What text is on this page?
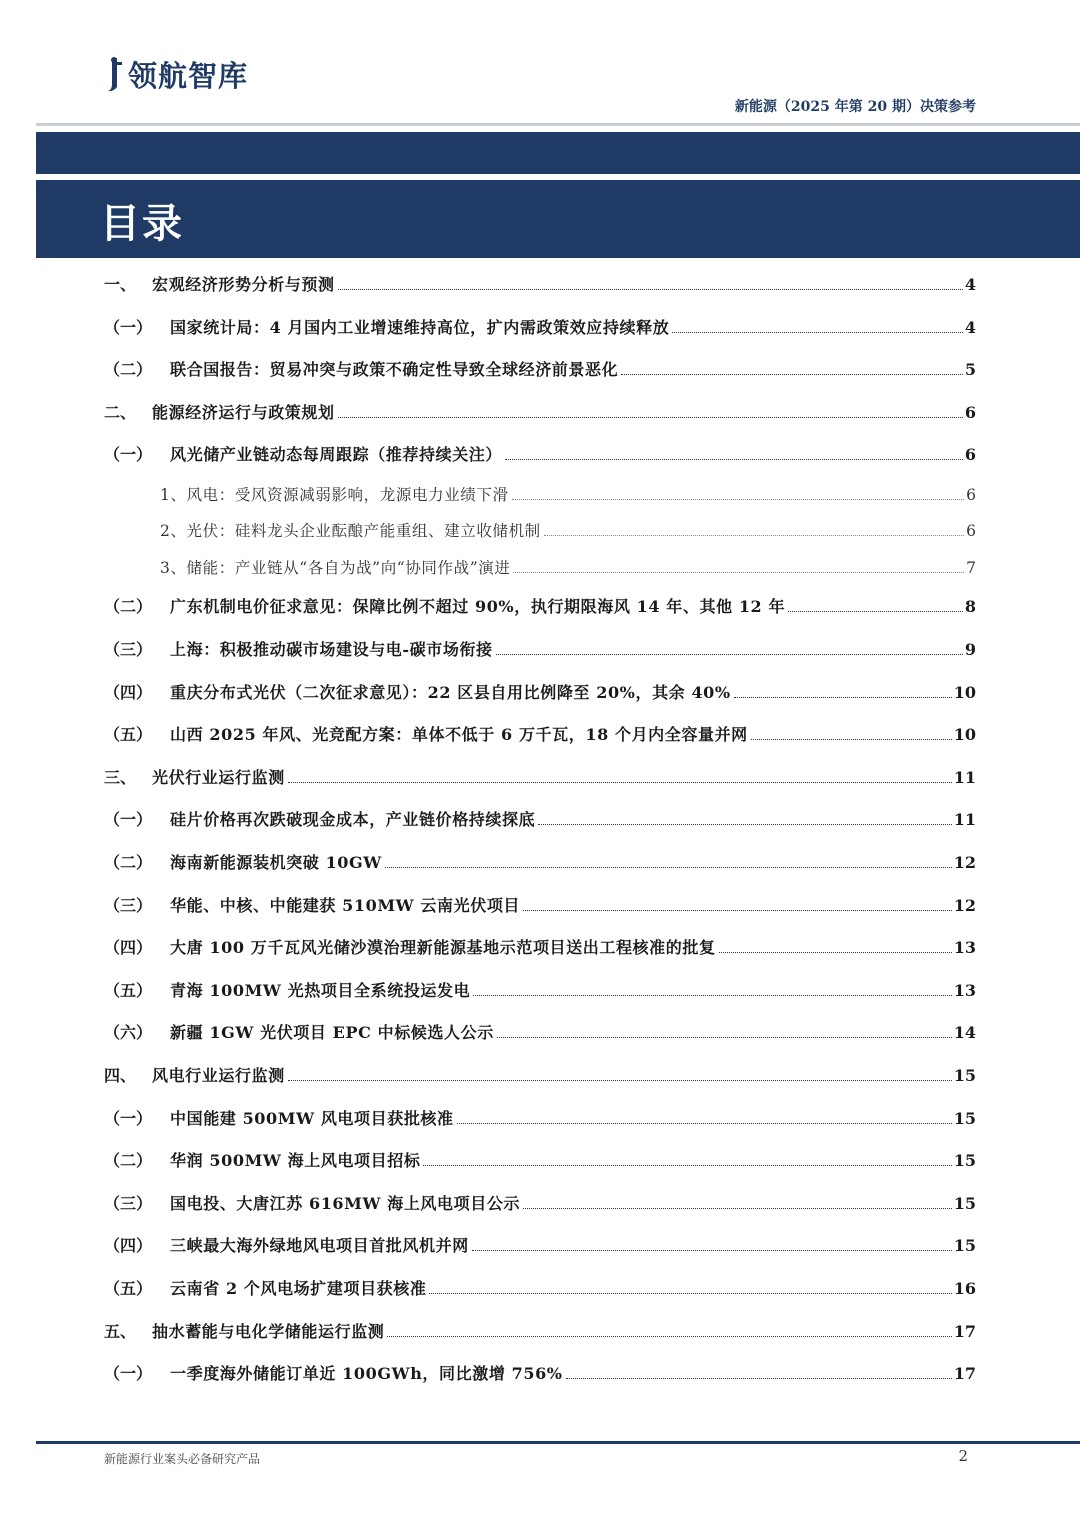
领航智库
新能源（2025 年第 20 期）决策参考
目录
一、 宏观经济形势分析与预测	4
（一）	国家统计局：4 月国内工业增速维持高位，扩内需政策效应持续释放	4
（二）	联合国报告：贸易冲突与政策不确定性导致全球经济前景恶化	5
二、 能源经济运行与政策规划	6
（一）	风光储产业链动态每周跟踪（推荐持续关注）	6
1、风电：受风资源减弱影响，龙源电力业绩下滑	6
2、光伏：硅料龙头企业酝酿产能重组、建立收储机制	6
3、储能：产业链从“各自为战”向“协同作战”演进	7
（二）	广东机制电价征求意见：保障比例不超过 90%，执行期限海风 14 年、其他 12 年	8
（三）	上海：积极推动碳市场建设与电-碳市场衔接	9
（四）	重庆分布式光伏（二次征求意见）：22 区县自用比例降至 20%，其余 40%	10
（五）	山西 2025 年风、光竞配方案：单体不低于 6 万千瓦，18 个月内全容量并网	10
三、 光伏行业运行监测	11
（一）	硅片价格再次跌破现金成本，产业链价格持续探底	11
（二）	海南新能源装机突破 10GW	12
（三）	华能、中核、中能建获 510MW 云南光伏项目	12
（四）	大唐 100 万千瓦风光储沙漠治理新能源基地示范项目送出工程核准的批复	13
（五）	青海 100MW 光热项目全系统投运发电	13
（六）	新疆 1GW 光伏项目 EPC 中标候选人公示	14
四、 风电行业运行监测	15
（一）	中国能建 500MW 风电项目获批核准	15
（二）	华润 500MW 海上风电项目招标	15
（三）	国电投、大唐江苏 616MW 海上风电项目公示	15
（四）	三峡最大海外绿地风电项目首批风机并网	15
（五）	云南省 2 个风电场扩建项目获核准	16
五、 抽水蓄能与电化学储能运行监测	17
（一）	一季度海外储能订单近 100GWh，同比激增 756%	17
新能源行业案头必备研究产品	2
